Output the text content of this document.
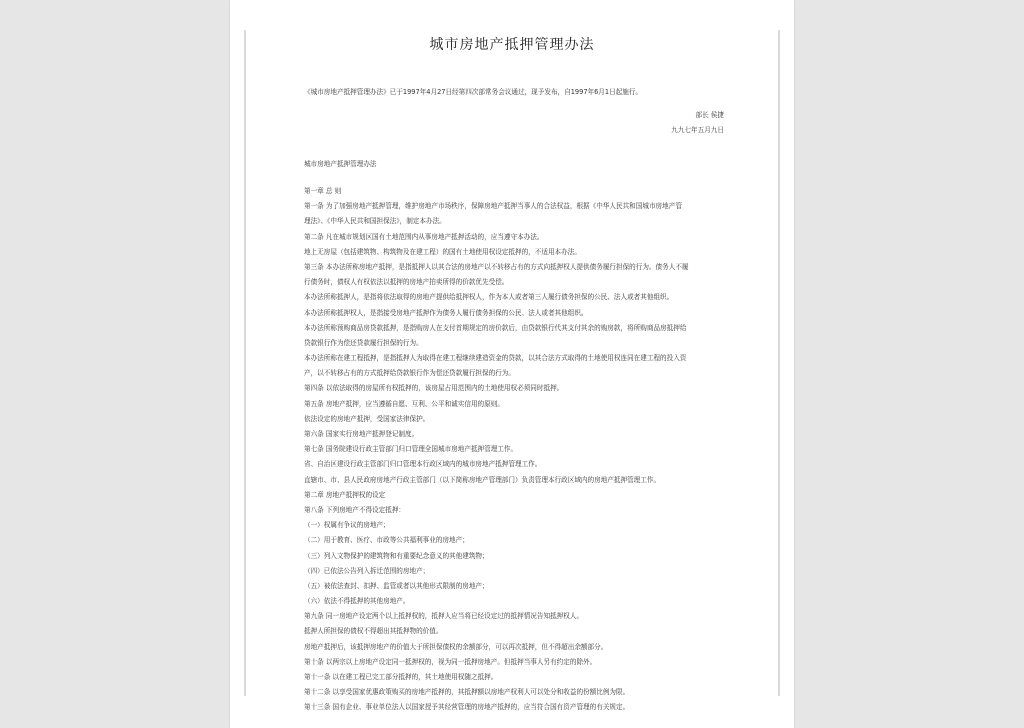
城市房地产抵押管理办法
《城市房地产抵押管理办法》已于1997年4月27日经第四次部常务会议通过，现予发布，自1997年6月1日起施行。
部长 侯捷
九九七年五月九日
城市房地产抵押管理办法
第一章 总 则
第一条 为了加强房地产抵押管理，维护房地产市场秩序，保障房地产抵押当事人的合法权益，根据《中华人民共和国城市房地产管
理法》、《中华人民共和国担保法》，制定本办法。
第二条 凡在城市规划区国有土地范围内从事房地产抵押活动的，应当遵守本办法。
地上无房屋（包括建筑物、构筑物及在建工程）的国有土地使用权设定抵押的，不适用本办法。
第三条 本办法所称房地产抵押，是指抵押人以其合法的房地产以不转移占有的方式向抵押权人提供债务履行担保的行为。债务人不履
行债务时，债权人有权依法以抵押的房地产拍卖所得的价款优先受偿。
本办法所称抵押人，是指将依法取得的房地产提供给抵押权人，作为本人或者第三人履行债务担保的公民、法人或者其他组织。
本办法所称抵押权人，是指接受房地产抵押作为债务人履行债务担保的公民、法人或者其他组织。
本办法所称预购商品房贷款抵押，是指购房人在支付首期规定的房价款后，由贷款银行代其支付其余的购房款，将所购商品房抵押给
贷款银行作为偿还贷款履行担保的行为。
本办法所称在建工程抵押，是指抵押人为取得在建工程继续建造资金的贷款，以其合法方式取得的土地使用权连同在建工程的投入资
产，以不转移占有的方式抵押给贷款银行作为偿还贷款履行担保的行为。
第四条 以依法取得的房屋所有权抵押的，该房屋占用范围内的土地使用权必须同时抵押。
第五条 房地产抵押，应当遵循自愿、互利、公平和诚实信用的原则。
依法设定的房地产抵押，受国家法律保护。
第六条 国家实行房地产抵押登记制度。
第七条 国务院建设行政主管部门归口管理全国城市房地产抵押管理工作。
省、自治区建设行政主管部门归口管理本行政区域内的城市房地产抵押管理工作。
直辖市、市、县人民政府房地产行政主管部门（以下简称房地产管理部门）负责管理本行政区域内的房地产抵押管理工作。
第二章 房地产抵押权的设定
第八条 下列房地产不得设定抵押：
（一）权属有争议的房地产；
（二）用于教育、医疗、市政等公共福利事业的房地产；
（三）列入文物保护的建筑物和有重要纪念意义的其他建筑物；
（四）已依法公告列入拆迁范围的房地产；
（五）被依法查封、扣押、监管或者以其他形式限制的房地产；
（六）依法不得抵押的其他房地产。
第九条 同一房地产设定两个以上抵押权的，抵押人应当将已经设定过的抵押情况告知抵押权人。
抵押人所担保的债权不得超出其抵押物的价值。
房地产抵押后，该抵押房地产的价值大于所担保债权的余额部分，可以再次抵押，但不得超出余额部分。
第十条 以两宗以上房地产设定同一抵押权的，视为同一抵押房地产。但抵押当事人另有约定的除外。
第十一条 以在建工程已完工部分抵押的，其土地使用权随之抵押。
第十二条 以享受国家优惠政策购买的房地产抵押的，其抵押额以房地产权利人可以处分和收益的份额比例为限。
第十三条 国有企业、事业单位法人以国家授予其经营管理的房地产抵押的，应当符合国有资产管理的有关规定。
